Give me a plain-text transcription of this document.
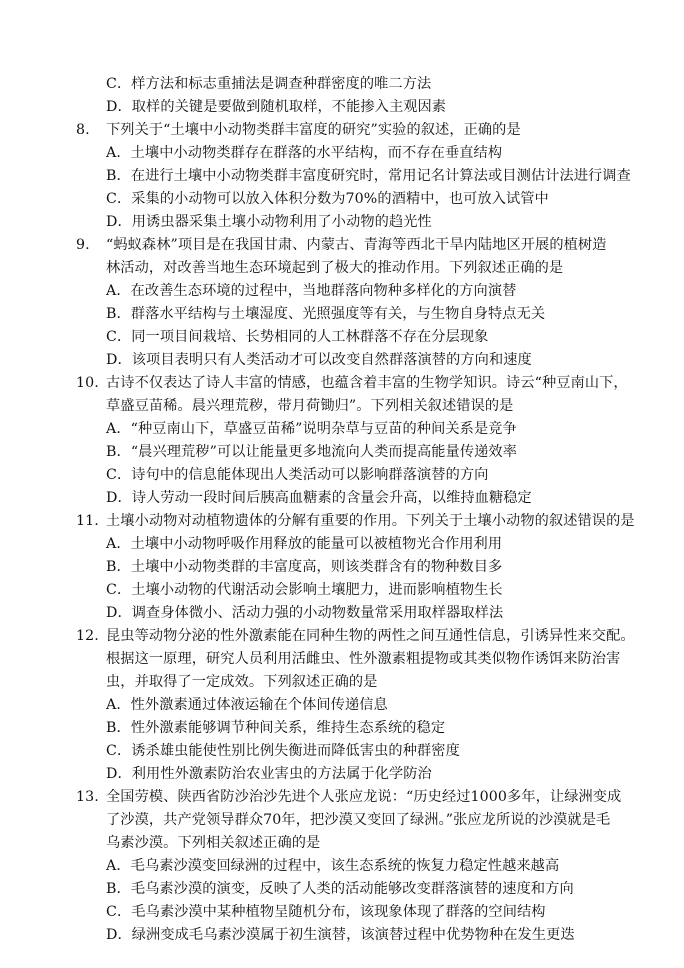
C．样方法和标志重捕法是调查种群密度的唯二方法
D．取样的关键是要做到随机取样，不能掺入主观因素
8. 下列关于“土壤中小动物类群丰富度的研究”实验的叙述，正确的是
A．土壤中小动物类群存在群落的水平结构，而不存在垂直结构
B．在进行土壤中小动物类群丰富度研究时，常用记名计算法或目测估计法进行调查
C．采集的小动物可以放入体积分数为70%的酒精中，也可放入试管中
D．用诱虫器采集土壤小动物利用了小动物的趋光性
9. “蚂蚁森林”项目是在我国甘肃、内蒙古、青海等西北干旱内陆地区开展的植树造
林活动，对改善当地生态环境起到了极大的推动作用。下列叙述正确的是
A．在改善生态环境的过程中，当地群落向物种多样化的方向演替
B．群落水平结构与土壤湿度、光照强度等有关，与生物自身特点无关
C．同一项目间栽培、长势相同的人工林群落不存在分层现象
D．该项目表明只有人类活动才可以改变自然群落演替的方向和速度
10. 古诗不仅表达了诗人丰富的情感，也蕴含着丰富的生物学知识。诗云“种豆南山下，
草盛豆苗稀。晨兴理荒秽，带月荷锄归”。下列相关叙述错误的是
A．“种豆南山下，草盛豆苗稀”说明杂草与豆苗的种间关系是竞争
B．“晨兴理荒秽”可以让能量更多地流向人类而提高能量传递效率
C．诗句中的信息能体现出人类活动可以影响群落演替的方向
D．诗人劳动一段时间后胰高血糖素的含量会升高，以维持血糖稳定
11. 土壤小动物对动植物遗体的分解有重要的作用。下列关于土壤小动物的叙述错误的是
A．土壤中小动物呼吸作用释放的能量可以被植物光合作用利用
B．土壤中小动物类群的丰富度高，则该类群含有的物种数目多
C．土壤小动物的代谢活动会影响土壤肥力，进而影响植物生长
D．调查身体微小、活动力强的小动物数量常采用取样器取样法
12. 昆虫等动物分泌的性外激素能在同种生物的两性之间互通性信息，引诱异性来交配。
根据这一原理，研究人员利用活雌虫、性外激素粗提物或其类似物作诱饵来防治害
虫，并取得了一定成效。下列叙述正确的是
A．性外激素通过体液运输在个体间传递信息
B．性外激素能够调节种间关系，维持生态系统的稳定
C．诱杀雄虫能使性别比例失衡进而降低害虫的种群密度
D．利用性外激素防治农业害虫的方法属于化学防治
13. 全国劳模、陕西省防沙治沙先进个人张应龙说：“历史经过1000多年，让绿洲变成
了沙漠，共产党领导群众70年，把沙漠又变回了绿洲。”张应龙所说的沙漠就是毛
乌素沙漠。下列相关叙述正确的是
A．毛乌素沙漠变回绿洲的过程中，该生态系统的恢复力稳定性越来越高
B．毛乌素沙漠的演变，反映了人类的活动能够改变群落演替的速度和方向
C．毛乌素沙漠中某种植物呈随机分布，该现象体现了群落的空间结构
D．绿洲变成毛乌素沙漠属于初生演替，该演替过程中优势物种在发生更迭
